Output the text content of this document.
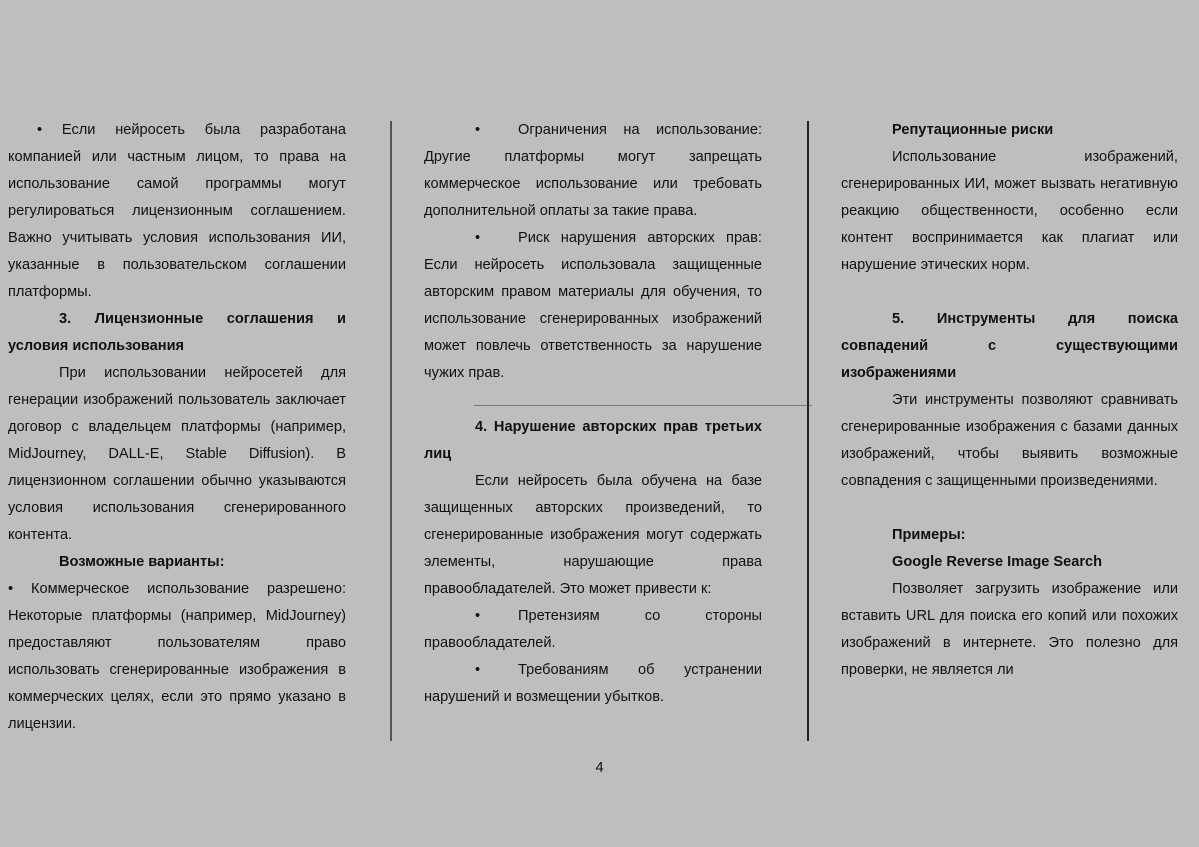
• Если нейросеть была разработана компанией или частным лицом, то права на использование самой программы могут регулироваться лицензионным соглашением. Важно учитывать условия использования ИИ, указанные в пользовательском соглашении платформы.

3. Лицензионные соглашения и условия использования

При использовании нейросетей для генерации изображений пользователь заключает договор с владельцем платформы (например, MidJourney, DALL-E, Stable Diffusion). В лицензионном соглашении обычно указываются условия использования сгенерированного контента.

Возможные варианты:

• Коммерческое использование разрешено: Некоторые платформы (например, MidJourney) предоставляют пользователям право использовать сгенерированные изображения в коммерческих целях, если это прямо указано в лицензии.

•	Ограничения на использование: Другие платформы могут запрещать коммерческое использование или требовать дополнительной оплаты за такие права.

•	Риск нарушения авторских прав: Если нейросеть использовала защищенные авторским правом материалы для обучения, то использование сгенерированных изображений может повлечь ответственность за нарушение чужих прав.

4. Нарушение авторских прав третьих лиц

Если нейросеть была обучена на базе защищенных авторских произведений, то сгенерированные изображения могут содержать элементы, нарушающие права правообладателей. Это может привести к:

•	Претензиям со стороны правообладателей.

•	Требованиям об устранении нарушений и возмещении убытков.

Репутационные риски

Использование изображений, сгенерированных ИИ, может вызвать негативную реакцию общественности, особенно если контент воспринимается как плагиат или нарушение этических норм.

5. Инструменты для поиска совпадений с существующими изображениями

Эти инструменты позволяют сравнивать сгенерированные изображения с базами данных изображений, чтобы выявить возможные совпадения с защищенными произведениями.

Примеры:

Google Reverse Image Search

Позволяет загрузить изображение или вставить URL для поиска его копий или похожих изображений в интернете. Это полезно для проверки, не является ли

4
